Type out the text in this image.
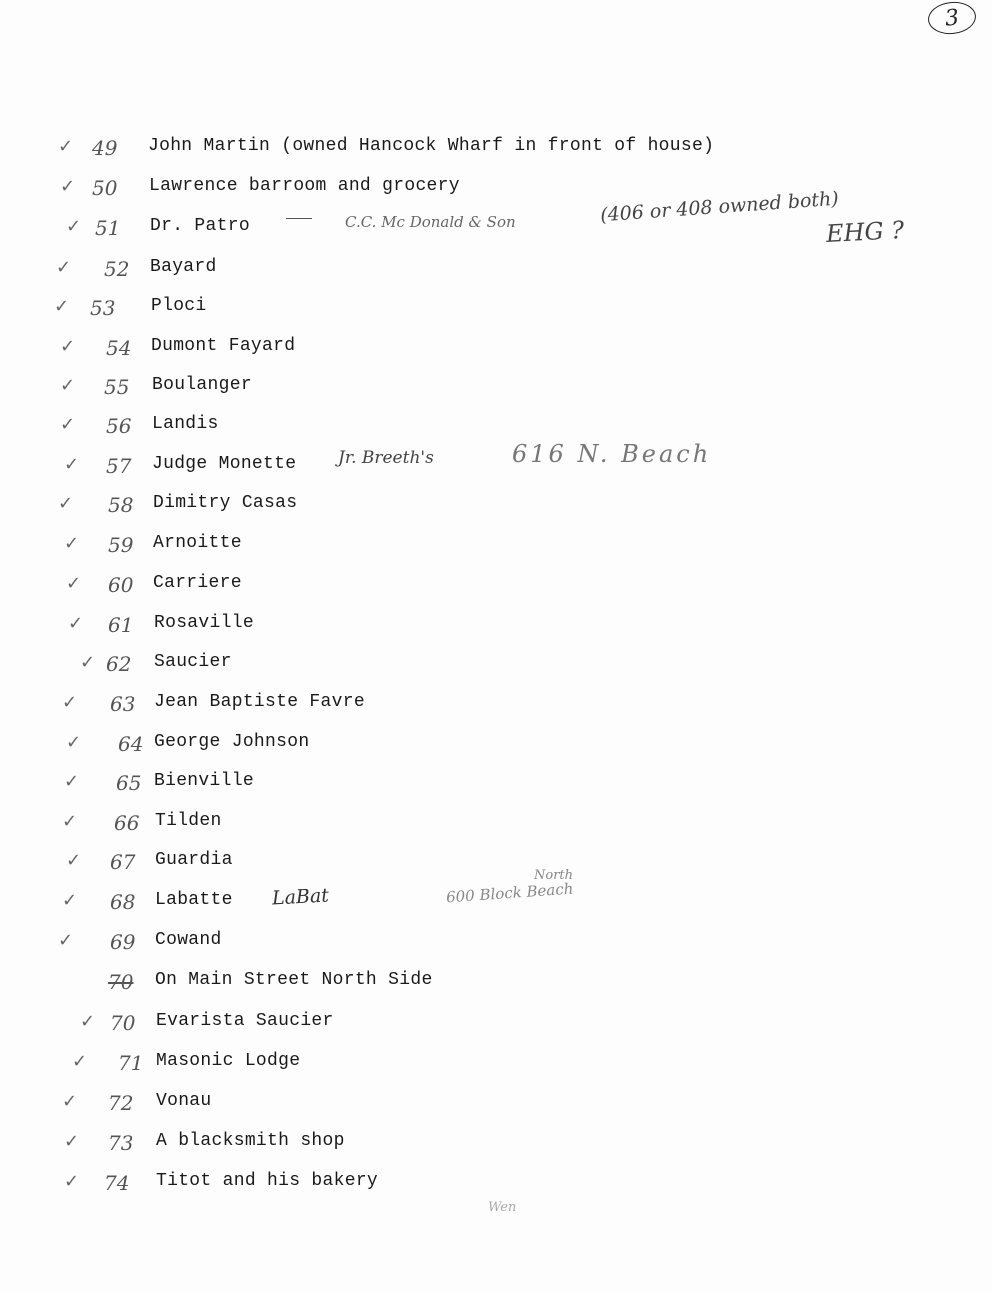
3
✓ 49 John Martin (owned Hancock Wharf in front of house)
✓ 50 Lawrence barroom and grocery
✓ 51 Dr. Patro
✓ 52 Bayard
✓ 53 Ploci
✓ 54 Dumont Fayard
✓ 55 Boulanger
✓ 56 Landis
✓ 57 Judge Monette
✓ 58 Dimitry Casas
✓ 59 Arnoitte
✓ 60 Carriere
✓ 61 Rosaville
✓ 62 Saucier
✓ 63 Jean Baptiste Favre
✓ 64 George Johnson
✓ 65 Bienville
✓ 66 Tilden
✓ 67 Guardia
✓ 68 Labatte
✓ 69 Cowand
70 On Main Street North Side
✓ 70 Evarista Saucier
✓ 71 Masonic Lodge
✓ 72 Vonau
✓ 73 A blacksmith shop
✓ 74 Titot and his bakery
C.C. Mc Donald & Son	(406 or 408 owned both)
EHG ?
Jr. Breeth's	616 N. Beach
LaBat
North
600 Block Beach
Wen
